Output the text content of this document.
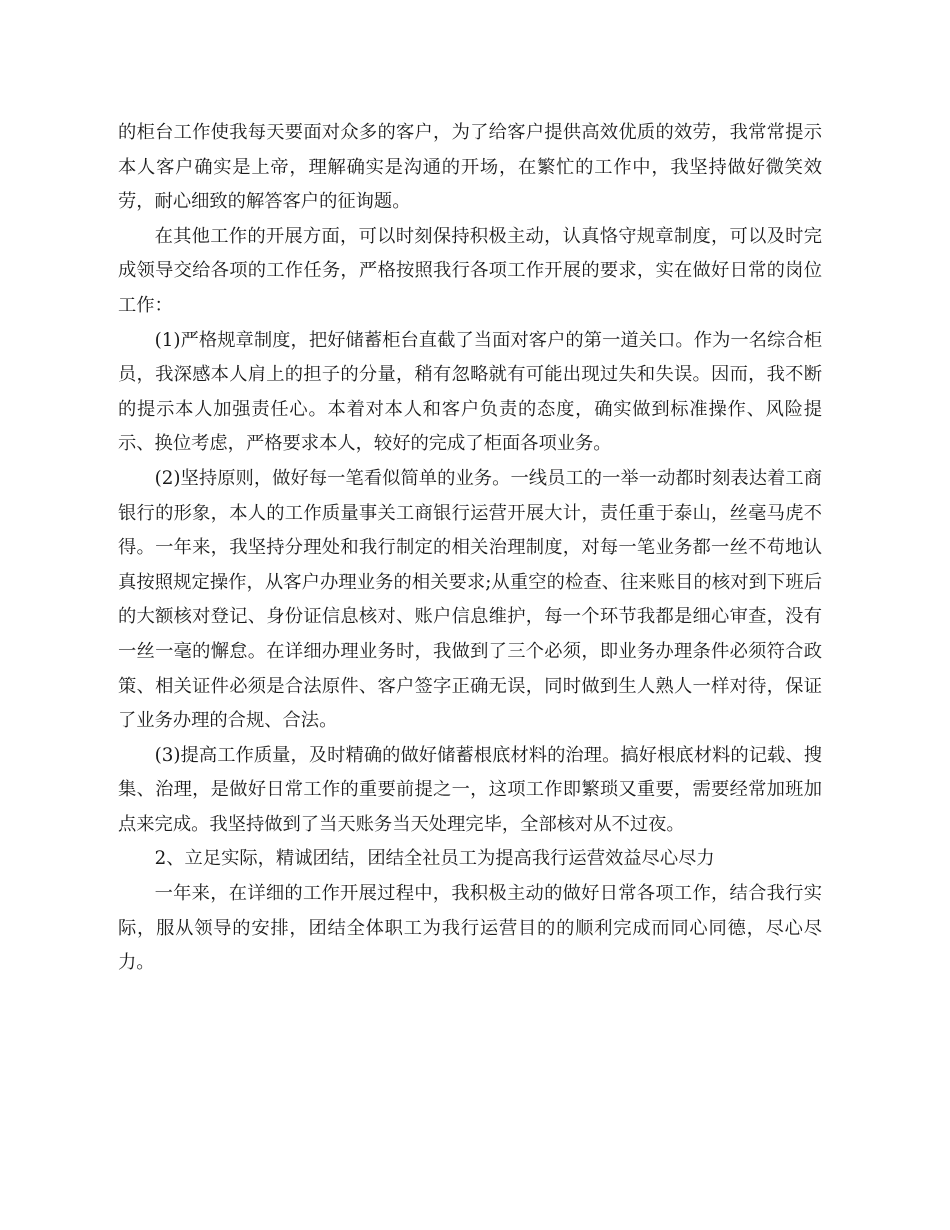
的柜台工作使我每天要面对众多的客户，为了给客户提供高效优质的效劳，我常常提示本人客户确实是上帝，理解确实是沟通的开场，在繁忙的工作中，我坚持做好微笑效劳，耐心细致的解答客户的征询题。

在其他工作的开展方面，可以时刻保持积极主动，认真恪守规章制度，可以及时完成领导交给各项的工作任务，严格按照我行各项工作开展的要求，实在做好日常的岗位工作：

(1)严格规章制度，把好储蓄柜台直截了当面对客户的第一道关口。作为一名综合柜员，我深感本人肩上的担子的分量，稍有忽略就有可能出现过失和失误。因而，我不断的提示本人加强责任心。本着对本人和客户负责的态度，确实做到标准操作、风险提示、换位考虑，严格要求本人，较好的完成了柜面各项业务。

(2)坚持原则，做好每一笔看似简单的业务。一线员工的一举一动都时刻表达着工商银行的形象，本人的工作质量事关工商银行运营开展大计，责任重于泰山，丝毫马虎不得。一年来，我坚持分理处和我行制定的相关治理制度，对每一笔业务都一丝不苟地认真按照规定操作，从客户办理业务的相关要求;从重空的检查、往来账目的核对到下班后的大额核对登记、身份证信息核对、账户信息维护，每一个环节我都是细心审查，没有一丝一毫的懈怠。在详细办理业务时，我做到了三个必须，即业务办理条件必须符合政策、相关证件必须是合法原件、客户签字正确无误，同时做到生人熟人一样对待，保证了业务办理的合规、合法。

(3)提高工作质量，及时精确的做好储蓄根底材料的治理。搞好根底材料的记载、搜集、治理，是做好日常工作的重要前提之一，这项工作即繁琐又重要，需要经常加班加点来完成。我坚持做到了当天账务当天处理完毕，全部核对从不过夜。

2、立足实际，精诚团结，团结全社员工为提高我行运营效益尽心尽力

一年来，在详细的工作开展过程中，我积极主动的做好日常各项工作，结合我行实际，服从领导的安排，团结全体职工为我行运营目的的顺利完成而同心同德，尽心尽力。
